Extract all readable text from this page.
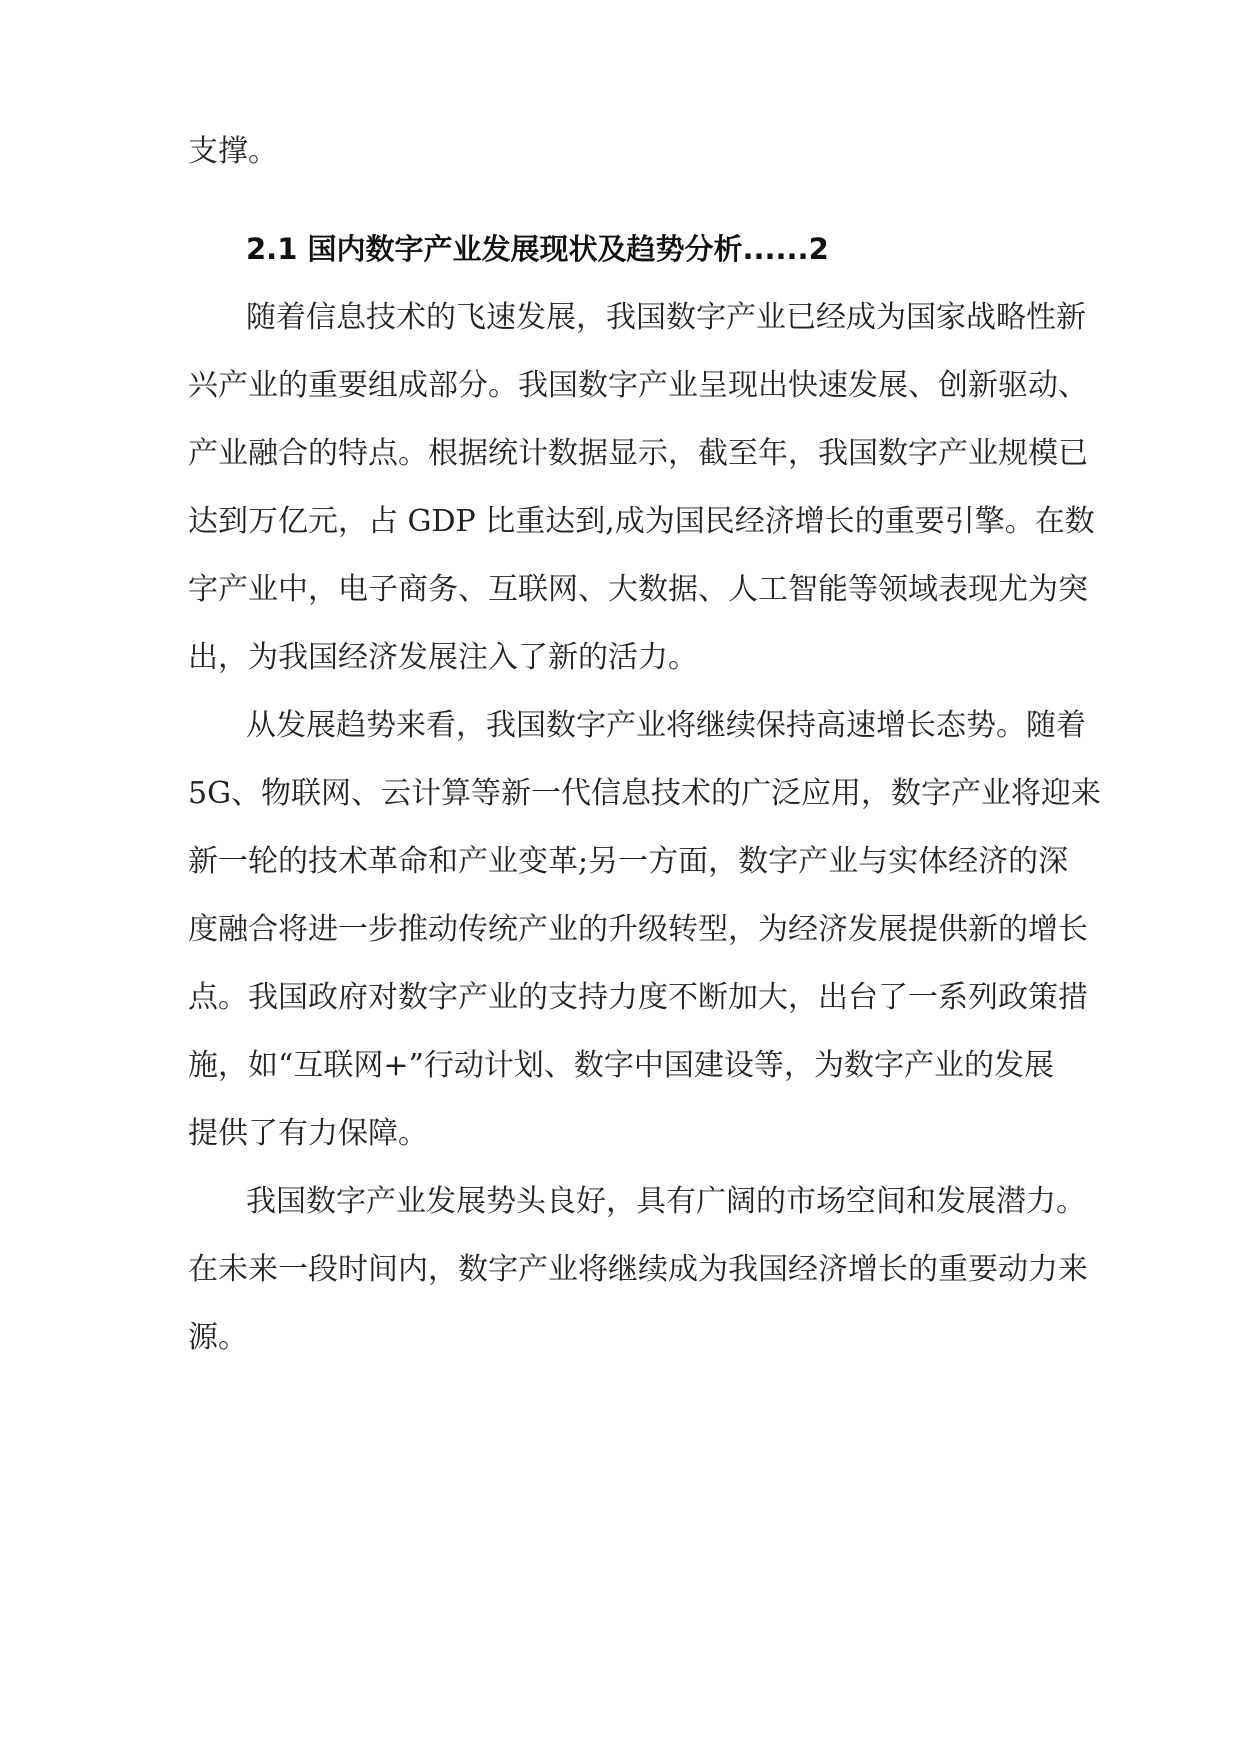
支撑。
2.1 国内数字产业发展现状及趋势分析......2
随着信息技术的飞速发展，我国数字产业已经成为国家战略性新
兴产业的重要组成部分。我国数字产业呈现出快速发展、创新驱动、
产业融合的特点。根据统计数据显示，截至年，我国数字产业规模已
达到万亿元，占 GDP 比重达到,成为国民经济增长的重要引擎。在数
字产业中，电子商务、互联网、大数据、人工智能等领域表现尤为突
出，为我国经济发展注入了新的活力。
从发展趋势来看，我国数字产业将继续保持高速增长态势。随着
5G、物联网、云计算等新一代信息技术的广泛应用，数字产业将迎来
新一轮的技术革命和产业变革;另一方面，数字产业与实体经济的深
度融合将进一步推动传统产业的升级转型，为经济发展提供新的增长
点。我国政府对数字产业的支持力度不断加大，出台了一系列政策措
施，如“互联网+”行动计划、数字中国建设等，为数字产业的发展
提供了有力保障。
我国数字产业发展势头良好，具有广阔的市场空间和发展潜力。
在未来一段时间内，数字产业将继续成为我国经济增长的重要动力来
源。
